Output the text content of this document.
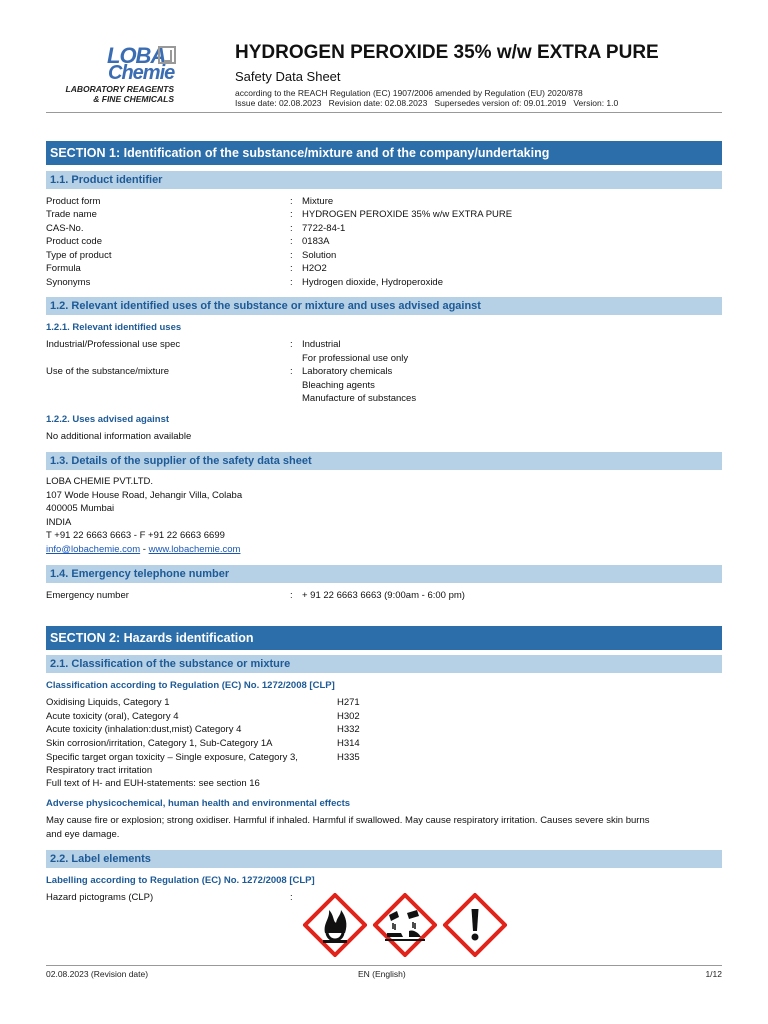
LOBA
Chemie
LABORATORY REAGENTS
& FINE CHEMICALS
HYDROGEN PEROXIDE 35% w/w EXTRA PURE
Safety Data Sheet
according to the REACH Regulation (EC) 1907/2006 amended by Regulation (EU) 2020/878
Issue date: 02.08.2023   Revision date: 02.08.2023   Supersedes version of: 09.01.2019   Version: 1.0
SECTION 1: Identification of the substance/mixture and of the company/undertaking
1.1. Product identifier
Product form	: Mixture
Trade name	: HYDROGEN PEROXIDE 35% w/w EXTRA PURE
CAS-No.	: 7722-84-1
Product code	: 0183A
Type of product	: Solution
Formula	: H2O2
Synonyms	: Hydrogen dioxide, Hydroperoxide
1.2. Relevant identified uses of the substance or mixture and uses advised against
1.2.1. Relevant identified uses
Industrial/Professional use spec	: Industrial
For professional use only
Use of the substance/mixture	: Laboratory chemicals
Bleaching agents
Manufacture of substances
1.2.2. Uses advised against
No additional information available
1.3. Details of the supplier of the safety data sheet
LOBA CHEMIE PVT.LTD.
107 Wode House Road, Jehangir Villa, Colaba
400005 Mumbai
INDIA
T +91 22 6663 6663 - F +91 22 6663 6699
info@lobachemie.com - www.lobachemie.com
1.4. Emergency telephone number
Emergency number	: + 91 22 6663 6663 (9:00am - 6:00 pm)
SECTION 2: Hazards identification
2.1. Classification of the substance or mixture
Classification according to Regulation (EC) No. 1272/2008 [CLP]
Oxidising Liquids, Category 1	H271
Acute toxicity (oral), Category 4	H302
Acute toxicity (inhalation:dust,mist) Category 4	H332
Skin corrosion/irritation, Category 1, Sub-Category 1A	H314
Specific target organ toxicity – Single exposure, Category 3,	H335
Respiratory tract irritation
Full text of H- and EUH-statements: see section 16
Adverse physicochemical, human health and environmental effects
May cause fire or explosion; strong oxidiser. Harmful if inhaled. Harmful if swallowed. May cause respiratory irritation. Causes severe skin burns
and eye damage.
2.2. Label elements
Labelling according to Regulation (EC) No. 1272/2008 [CLP]
Hazard pictograms (CLP)	:
02.08.2023 (Revision date)	EN (English)	1/12
